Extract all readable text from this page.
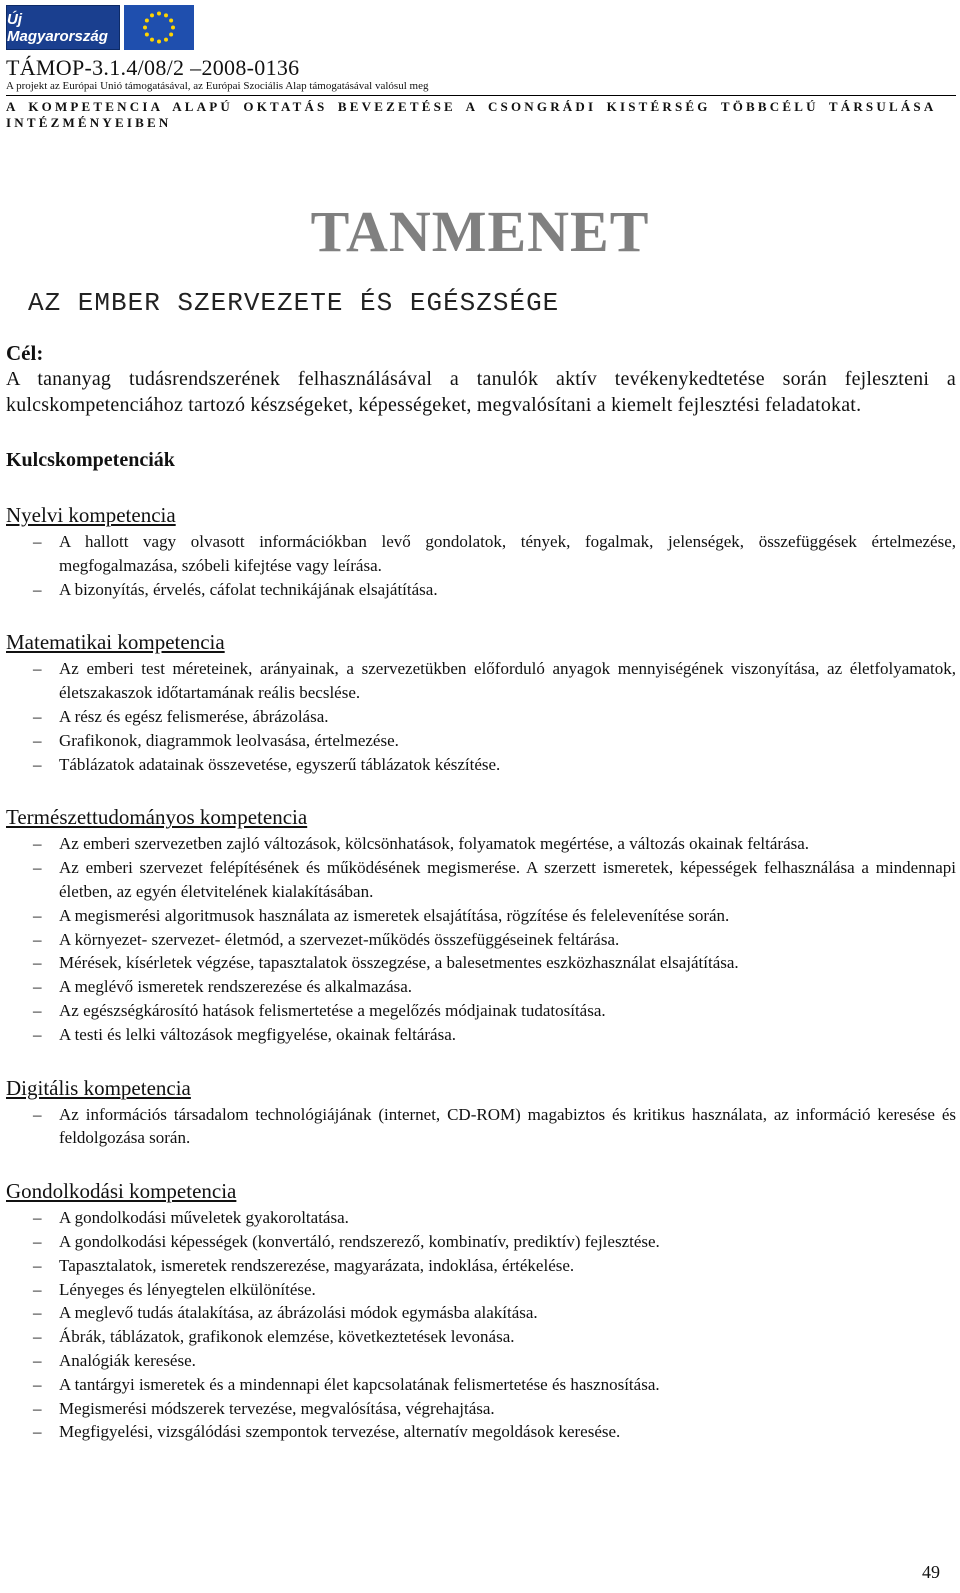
Új Magyarország
TÁMOP-3.1.4/08/2 –2008-0136
A projekt az Európai Unió támogatásával, az Európai Szociális Alap támogatásával valósul meg
A KOMPETENCIA ALAPÚ OKTATÁS BEVEZETÉSE A CSONGRÁDI KISTÉRSÉG TÖBBCÉLÚ TÁRSULÁSA INTÉZMÉNYEIBEN
TANMENET
AZ EMBER SZERVEZETE ÉS EGÉSZSÉGE
Cél:
A tananyag tudásrendszerének felhasználásával a tanulók aktív tevékenykedtetése során fejleszteni a kulcskompetenciához tartozó készségeket, képességeket, megvalósítani a kiemelt fejlesztési feladatokat.
Kulcskompetenciák
Nyelvi kompetencia
– A hallott vagy olvasott információkban levő gondolatok, tények, fogalmak, jelenségek, összefüggések értelmezése, megfogalmazása, szóbeli kifejtése vagy leírása.
– A bizonyítás, érvelés, cáfolat technikájának elsajátítása.
Matematikai kompetencia
– Az emberi test méreteinek, arányainak, a szervezetükben előforduló anyagok mennyiségének viszonyítása, az életfolyamatok, életszakaszok időtartamának reális becslése.
– A rész és egész felismerése, ábrázolása.
– Grafikonok, diagrammok leolvasása, értelmezése.
– Táblázatok adatainak összevetése, egyszerű táblázatok készítése.
Természettudományos kompetencia
– Az emberi szervezetben zajló változások, kölcsönhatások, folyamatok megértése, a változás okainak feltárása.
– Az emberi szervezet felépítésének és működésének megismerése. A szerzett ismeretek, képességek felhasználása a mindennapi életben, az egyén életvitelének kialakításában.
– A megismerési algoritmusok használata az ismeretek elsajátítása, rögzítése és felelevenítése során.
– A környezet- szervezet- életmód, a szervezet-működés összefüggéseinek feltárása.
– Mérések, kísérletek végzése, tapasztalatok összegzése, a balesetmentes eszközhasználat elsajátítása.
– A meglévő ismeretek rendszerezése és alkalmazása.
– Az egészségkárosító hatások felismertetése a megelőzés módjainak tudatosítása.
– A testi és lelki változások megfigyelése, okainak feltárása.
Digitális kompetencia
– Az információs társadalom technológiájának (internet, CD-ROM) magabiztos és kritikus használata, az információ keresése és feldolgozása során.
Gondolkodási kompetencia
– A gondolkodási műveletek gyakoroltatása.
– A gondolkodási képességek (konvertáló, rendszerező, kombinatív, prediktív) fejlesztése.
– Tapasztalatok, ismeretek rendszerezése, magyarázata, indoklása, értékelése.
– Lényeges és lényegtelen elkülönítése.
– A meglevő tudás átalakítása, az ábrázolási módok egymásba alakítása.
– Ábrák, táblázatok, grafikonok elemzése, következtetések levonása.
– Analógiák keresése.
– A tantárgyi ismeretek és a mindennapi élet kapcsolatának felismertetése és hasznosítása.
– Megismerési módszerek tervezése, megvalósítása, végrehajtása.
– Megfigyelési, vizsgálódási szempontok tervezése, alternatív megoldások keresése.
49
